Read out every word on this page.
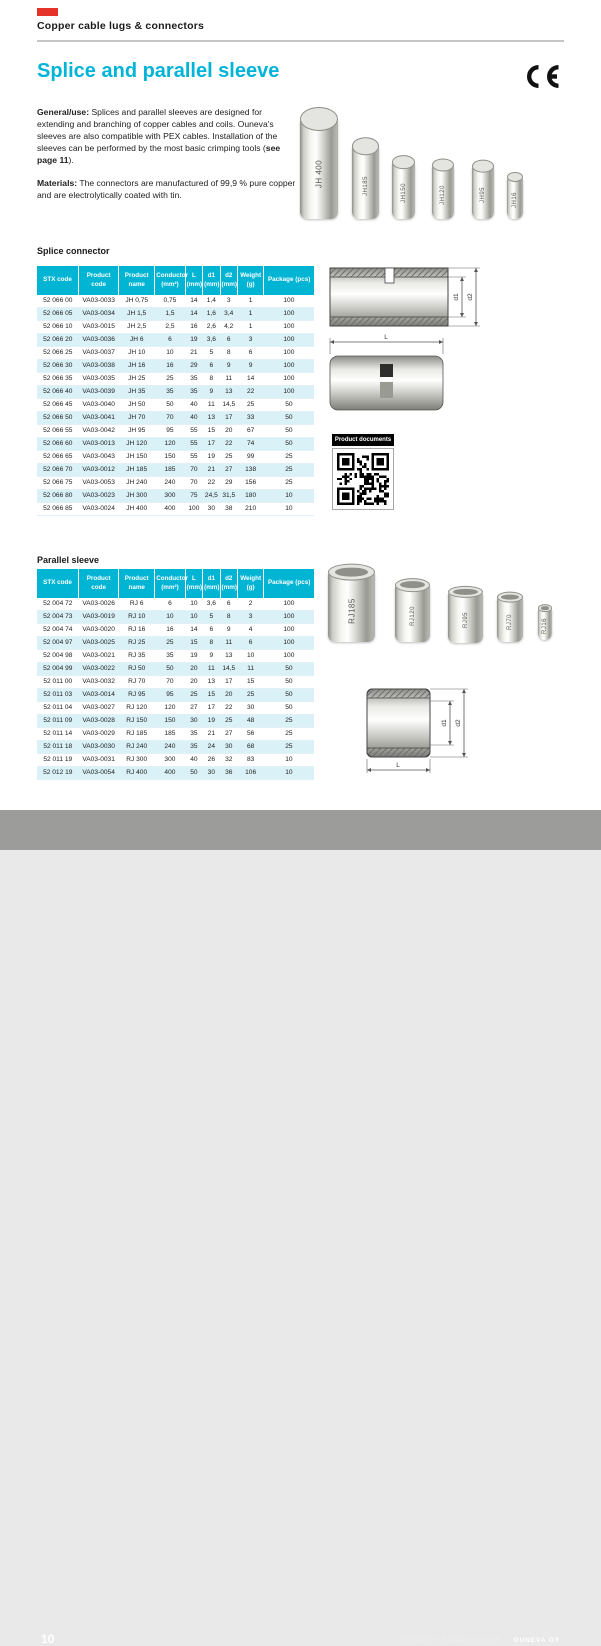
Copper cable lugs & connectors
Splice and parallel sleeve

General/use: Splices and parallel sleeves are designed for extending and branching of copper cables and coils. Ouneva's sleeves are also compatible with PEX cables. Installation of the sleeves can be performed by the most basic crimping tools (see page 11).

Materials: The connectors are manufactured of 99,9 % pure copper and are electrolytically coated with tin.

JH 400	JH185	JH150	JH120	JH95	JH16
Splice connector
STX code	Product code	Product name	Conductor (mm²)	L (mm)	d1 (mm)	d2 (mm)	Weight (g)	Package (pcs)
52 066 00	VA03-0033	JH 0,75	0,75	14	1,4	3	1	100
52 066 05	VA03-0034	JH 1,5	1,5	14	1,6	3,4	1	100
52 066 10	VA03-0015	JH 2,5	2,5	16	2,6	4,2	1	100
52 066 20	VA03-0036	JH 6	6	19	3,6	6	3	100
52 066 25	VA03-0037	JH 10	10	21	5	8	6	100
52 066 30	VA03-0038	JH 16	16	29	6	9	9	100
52 066 35	VA03-0035	JH 25	25	35	8	11	14	100
52 066 40	VA03-0039	JH 35	35	35	9	13	22	100
52 066 45	VA03-0040	JH 50	50	40	11	14,5	25	50
52 066 50	VA03-0041	JH 70	70	40	13	17	33	50
52 066 55	VA03-0042	JH 95	95	55	15	20	67	50
52 066 60	VA03-0013	JH 120	120	55	17	22	74	50
52 066 65	VA03-0043	JH 150	150	55	19	25	99	25
52 066 70	VA03-0012	JH 185	185	70	21	27	138	25
52 066 75	VA03-0053	JH 240	240	70	22	29	156	25
52 066 80	VA03-0023	JH 300	300	75	24,5	31,5	180	10
52 066 85	VA03-0024	JH 400	400	100	30	38	210	10
d1 d2
L
Product documents
Parallel sleeve
STX code	Product code	Product name	Conductor (mm²)	L (mm)	d1 (mm)	d2 (mm)	Weight (g)	Package (pcs)
52 004 72	VA03-0026	RJ 6	6	10	3,6	6	2	100
52 004 73	VA03-0019	RJ 10	10	10	5	8	3	100
52 004 74	VA03-0020	RJ 16	16	14	6	9	4	100
52 004 97	VA03-0025	RJ 25	25	15	8	11	6	100
52 004 98	VA03-0021	RJ 35	35	19	9	13	10	100
52 004 99	VA03-0022	RJ 50	50	20	11	14,5	11	50
52 011 00	VA03-0032	RJ 70	70	20	13	17	15	50
52 011 03	VA03-0014	RJ 95	95	25	15	20	25	50
52 011 04	VA03-0027	RJ 120	120	27	17	22	30	50
52 011 09	VA03-0028	RJ 150	150	30	19	25	48	25
52 011 14	VA03-0029	RJ 185	185	35	21	27	56	25
52 011 18	VA03-0030	RJ 240	240	35	24	30	68	25
52 011 19	VA03-0031	RJ 300	300	40	26	32	83	10
52 012 19	VA03-0054	RJ 400	400	50	30	36	106	10
RJ185	RJ120	RJ95	RJ70	RJ16
d1 d2
L
10	PRODUCT CATALOG 2018 OUNEVA OY
